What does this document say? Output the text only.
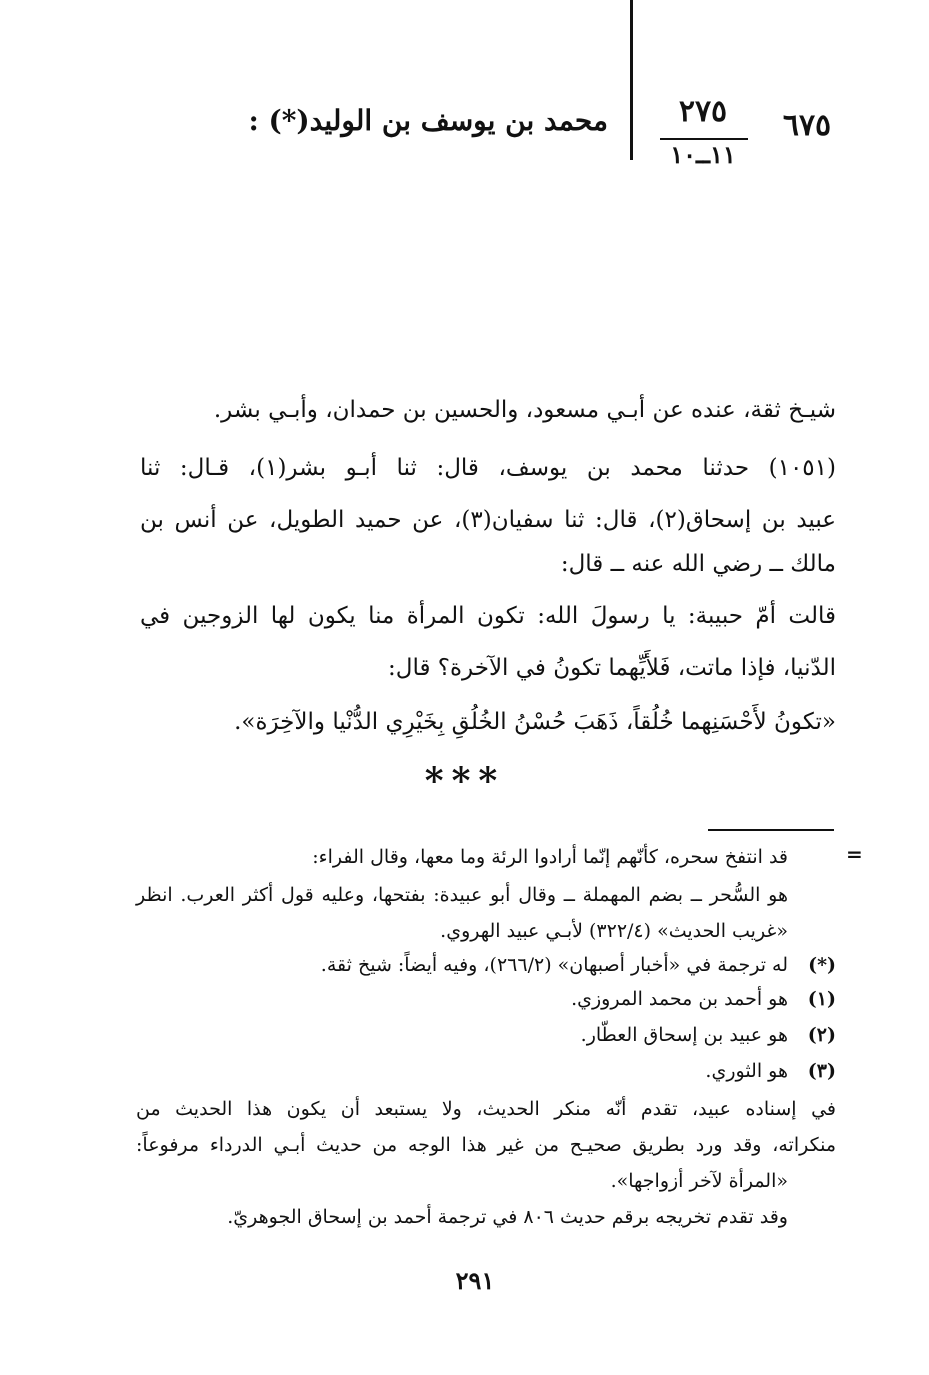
٦٧٥
٢٧٥
١١ــ١٠
محمد بن يوسف بن الوليد(*) :
شيـخ ثقة، عنده عن أبـي مسعود، والحسين بن حمدان، وأبـي بشر.
(١٠٥١) حدثنا محمد بن يوسف، قال: ثنا أبـو بشر(١)، قـال: ثنا
عبيد بن إسحاق(٢)، قال: ثنا سفيان(٣)، عن حميد الطويل، عن أنس بن
مالك ــ رضي الله عنه ــ قال:
قالت أمّ حبيبة: يا رسولَ الله: تكون المرأة منا يكون لها الزوجين في
الدّنيا، فإذا ماتت، فَلأَيِّهما تكونُ في الآخرة؟ قال:
«تكونُ لأَحْسَنِهما خُلُقاً، ذَهَبَ حُسْنُ الخُلُقِ بِخَيْرِي الدُّنْيا والآخِرَة».
***
=
قد انتفخ سحره، كأنّهم إنّما أرادوا الرئة وما معها، وقال الفراء:
هو السُّحر ــ بضم المهملة ــ وقال أبو عبيدة: بفتحها، وعليه قول أكثر العرب. انظر
«غريب الحديث» (٣٢٢/٤) لأبـي عبيد الهروي.
(*)له ترجمة في «أخبار أصبهان» (٢٦٦/٢)، وفيه أيضاً: شيخ ثقة.
(١)هو أحمد بن محمد المروزي.
(٢)هو عبيد بن إسحاق العطّار.
(٣)هو الثوري.
في إسناده عبيد، تقدم أنّه منكر الحديث، ولا يستبعد أن يكون هذا الحديث من
منكراته، وقد ورد بطريق صحيـح من غير هذا الوجه من حديث أبـي الدرداء مرفوعاً:
«المرأة لآخر أزواجها».
وقد تقدم تخريجه برقم حديث ٨٠٦ في ترجمة أحمد بن إسحاق الجوهريّ.
٢٩١
